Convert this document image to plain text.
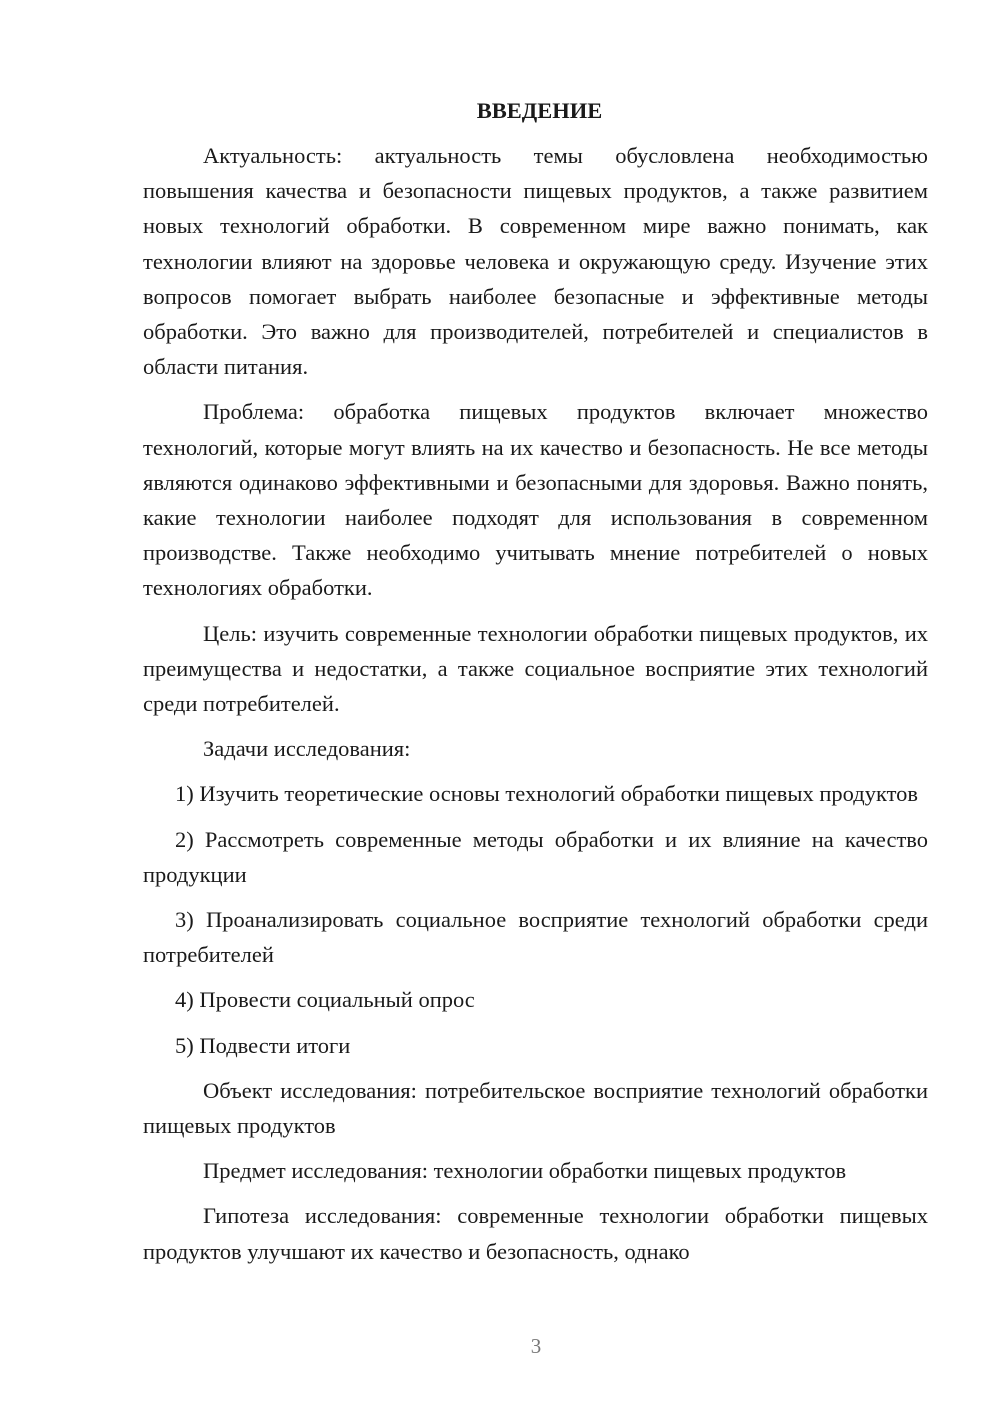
ВВЕДЕНИЕ

Актуальность: актуальность темы обусловлена необходимостью повышения качества и безопасности пищевых продуктов, а также развитием новых технологий обработки. В современном мире важно понимать, как технологии влияют на здоровье человека и окружающую среду. Изучение этих вопросов помогает выбрать наиболее безопасные и эффективные методы обработки. Это важно для производителей, потребителей и специалистов в области питания.

Проблема: обработка пищевых продуктов включает множество технологий, которые могут влиять на их качество и безопасность. Не все методы являются одинаково эффективными и безопасными для здоровья. Важно понять, какие технологии наиболее подходят для использования в современном производстве. Также необходимо учитывать мнение потребителей о новых технологиях обработки.

Цель: изучить современные технологии обработки пищевых продуктов, их преимущества и недостатки, а также социальное восприятие этих технологий среди потребителей.

Задачи исследования:

1) Изучить теоретические основы технологий обработки пищевых продуктов

2) Рассмотреть современные методы обработки и их влияние на качество продукции

3) Проанализировать социальное восприятие технологий обработки среди потребителей

4) Провести социальный опрос

5) Подвести итоги

Объект исследования: потребительское восприятие технологий обработки пищевых продуктов

Предмет исследования: технологии обработки пищевых продуктов

Гипотеза исследования: современные технологии обработки пищевых продуктов улучшают их качество и безопасность, однако

3
